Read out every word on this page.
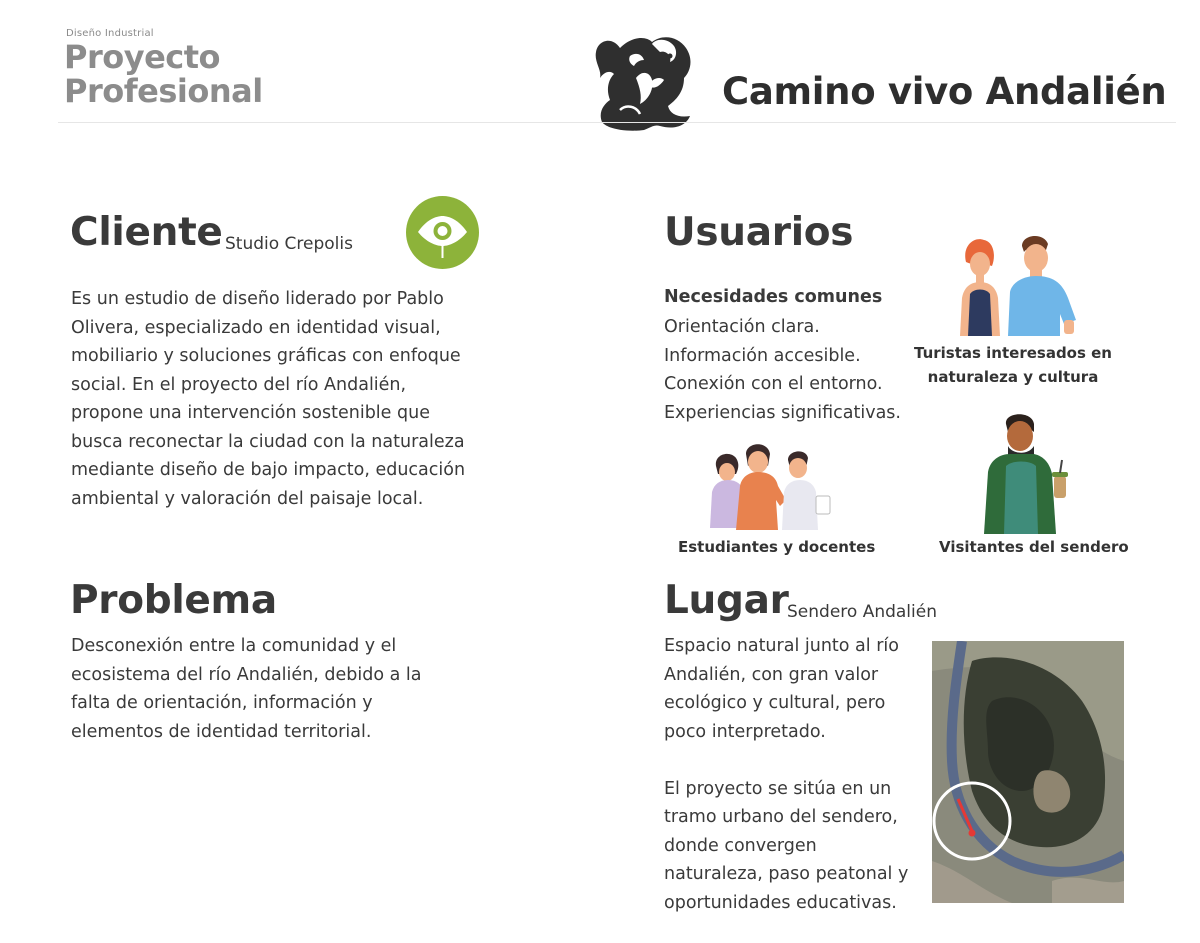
Diseño Industrial
Proyecto
Profesional	Camino vivo Andalién
Cliente Studio Crepolis
Es un estudio de diseño liderado por Pablo
Olivera, especializado en identidad visual,
mobiliario y soluciones gráficas con enfoque
social. En el proyecto del río Andalién,
propone una intervención sostenible que
busca reconectar la ciudad con la naturaleza
mediante diseño de bajo impacto, educación
ambiental y valoración del paisaje local.
Problema
Desconexión entre la comunidad y el
ecosistema del río Andalién, debido a la
falta de orientación, información y
elementos de identidad territorial.
Usuarios
Necesidades comunes
Orientación clara.
Información accesible.
Conexión con el entorno.
Experiencias significativas.
Turistas interesados en
naturaleza y cultura
Estudiantes y docentes	Visitantes del sendero
Lugar
Sendero Andalién
Espacio natural junto al río
Andalién, con gran valor
ecológico y cultural, pero
poco interpretado.

El proyecto se sitúa en un
tramo urbano del sendero,
donde convergen
naturaleza, paso peatonal y
oportunidades educativas.
